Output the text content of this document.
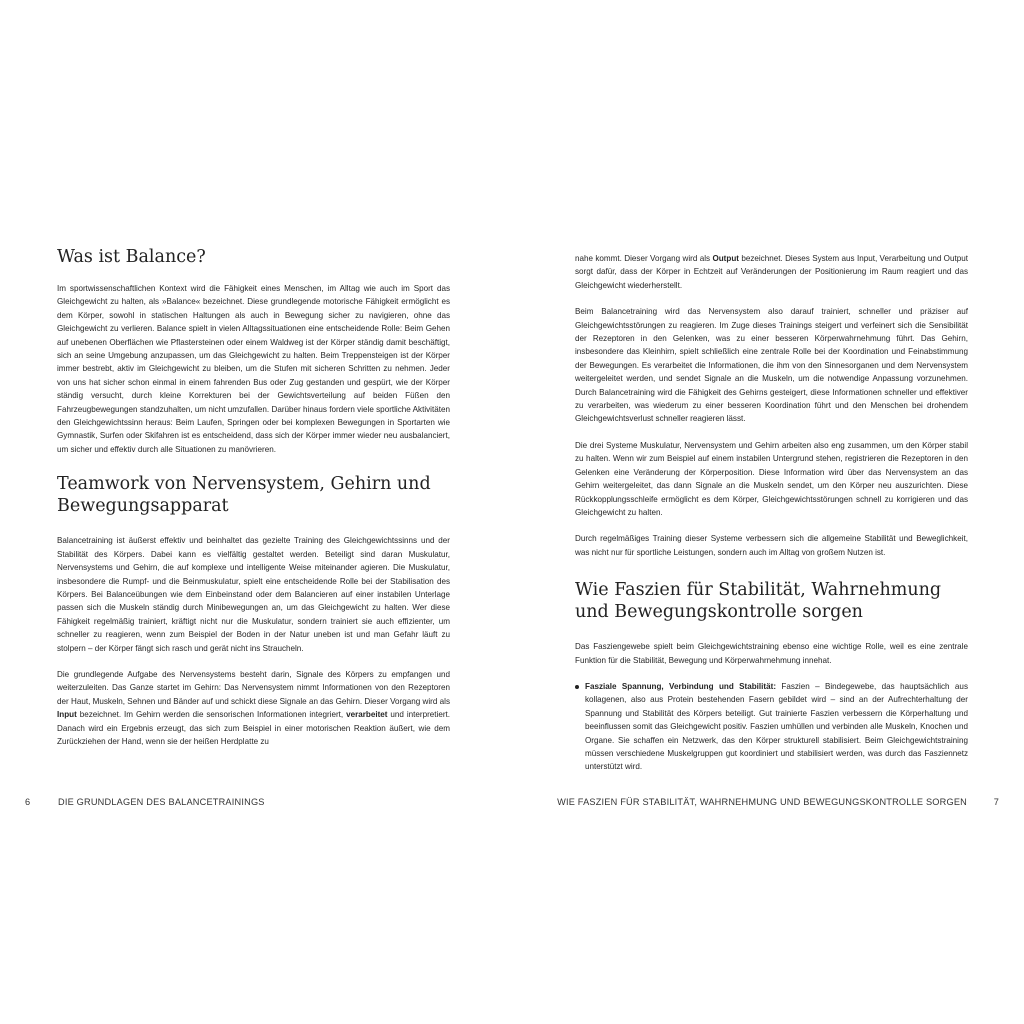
Was ist Balance?

Im sportwissenschaftlichen Kontext wird die Fähigkeit eines Menschen, im Alltag wie auch im Sport das Gleichgewicht zu halten, als »Balance« bezeichnet. Diese grundlegende motorische Fähigkeit ermöglicht es dem Körper, sowohl in statischen Haltungen als auch in Bewegung sicher zu navigieren, ohne das Gleichgewicht zu verlieren. Balance spielt in vielen Alltagssituationen eine entscheidende Rolle: Beim Gehen auf unebenen Oberflächen wie Pflastersteinen oder einem Waldweg ist der Körper ständig damit beschäftigt, sich an seine Umgebung anzupassen, um das Gleichgewicht zu halten. Beim Treppensteigen ist der Körper immer bestrebt, aktiv im Gleichgewicht zu bleiben, um die Stufen mit sicheren Schritten zu nehmen. Jeder von uns hat sicher schon einmal in einem fahrenden Bus oder Zug gestanden und gespürt, wie der Körper ständig versucht, durch kleine Korrekturen bei der Gewichtsverteilung auf beiden Füßen den Fahrzeugbewegungen standzuhalten, um nicht umzufallen. Darüber hinaus fordern viele sportliche Aktivitäten den Gleichgewichtssinn heraus: Beim Laufen, Springen oder bei komplexen Bewegungen in Sportarten wie Gymnastik, Surfen oder Skifahren ist es entscheidend, dass sich der Körper immer wieder neu ausbalanciert, um sicher und effektiv durch alle Situationen zu manövrieren.

Teamwork von Nervensystem, Gehirn und Bewegungsapparat

Balancetraining ist äußerst effektiv und beinhaltet das gezielte Training des Gleichgewichtssinns und der Stabilität des Körpers. Dabei kann es vielfältig gestaltet werden. Beteiligt sind daran Muskulatur, Nervensystems und Gehirn, die auf komplexe und intelligente Weise miteinander agieren. Die Muskulatur, insbesondere die Rumpf- und die Beinmuskulatur, spielt eine entscheidende Rolle bei der Stabilisation des Körpers. Bei Balanceübungen wie dem Einbeinstand oder dem Balancieren auf einer instabilen Unterlage passen sich die Muskeln ständig durch Minibewegungen an, um das Gleichgewicht zu halten. Wer diese Fähigkeit regelmäßig trainiert, kräftigt nicht nur die Muskulatur, sondern trainiert sie auch effizienter, um schneller zu reagieren, wenn zum Beispiel der Boden in der Natur uneben ist und man Gefahr läuft zu stolpern – der Körper fängt sich rasch und gerät nicht ins Straucheln.

Die grundlegende Aufgabe des Nervensystems besteht darin, Signale des Körpers zu empfangen und weiterzuleiten. Das Ganze startet im Gehirn: Das Nervensystem nimmt Informationen von den Rezeptoren der Haut, Muskeln, Sehnen und Bänder auf und schickt diese Signale an das Gehirn. Dieser Vorgang wird als Input bezeichnet. Im Gehirn werden die sensorischen Informationen integriert, verarbeitet und interpretiert. Danach wird ein Ergebnis erzeugt, das sich zum Beispiel in einer motorischen Reaktion äußert, wie dem Zurückziehen der Hand, wenn sie der heißen Herdplatte zu

nahe kommt. Dieser Vorgang wird als Output bezeichnet. Dieses System aus Input, Verarbeitung und Output sorgt dafür, dass der Körper in Echtzeit auf Veränderungen der Positionierung im Raum reagiert und das Gleichgewicht wiederherstellt.

Beim Balancetraining wird das Nervensystem also darauf trainiert, schneller und präziser auf Gleichgewichtsstörungen zu reagieren. Im Zuge dieses Trainings steigert und verfeinert sich die Sensibilität der Rezeptoren in den Gelenken, was zu einer besseren Körperwahrnehmung führt. Das Gehirn, insbesondere das Kleinhirn, spielt schließlich eine zentrale Rolle bei der Koordination und Feinabstimmung der Bewegungen. Es verarbeitet die Informationen, die ihm von den Sinnesorganen und dem Nervensystem weitergeleitet werden, und sendet Signale an die Muskeln, um die notwendige Anpassung vorzunehmen. Durch Balancetraining wird die Fähigkeit des Gehirns gesteigert, diese Informationen schneller und effektiver zu verarbeiten, was wiederum zu einer besseren Koordination führt und den Menschen bei drohendem Gleichgewichtsverlust schneller reagieren lässt.

Die drei Systeme Muskulatur, Nervensystem und Gehirn arbeiten also eng zusammen, um den Körper stabil zu halten. Wenn wir zum Beispiel auf einem instabilen Untergrund stehen, registrieren die Rezeptoren in den Gelenken eine Veränderung der Körperposition. Diese Information wird über das Nervensystem an das Gehirn weitergeleitet, das dann Signale an die Muskeln sendet, um den Körper neu auszurichten. Diese Rückkopplungsschleife ermöglicht es dem Körper, Gleichgewichtsstörungen schnell zu korrigieren und das Gleichgewicht zu halten.

Durch regelmäßiges Training dieser Systeme verbessern sich die allgemeine Stabilität und Beweglichkeit, was nicht nur für sportliche Leistungen, sondern auch im Alltag von großem Nutzen ist.

Wie Faszien für Stabilität, Wahrnehmung und Bewegungskontrolle sorgen

Das Fasziengewebe spielt beim Gleichgewichtstraining ebenso eine wichtige Rolle, weil es eine zentrale Funktion für die Stabilität, Bewegung und Körperwahrnehmung innehat.

Fasziale Spannung, Verbindung und Stabilität: Faszien – Bindegewebe, das hauptsächlich aus kollagenen, also aus Protein bestehenden Fasern gebildet wird – sind an der Aufrechterhaltung der Spannung und Stabilität des Körpers beteiligt. Gut trainierte Faszien verbessern die Körperhaltung und beeinflussen somit das Gleichgewicht positiv. Faszien umhüllen und verbinden alle Muskeln, Knochen und Organe. Sie schaffen ein Netzwerk, das den Körper strukturell stabilisiert. Beim Gleichgewichtstraining müssen verschiedene Muskelgruppen gut koordiniert und stabilisiert werden, was durch das Fasziennetz unterstützt wird.

6	DIE GRUNDLAGEN DES BALANCETRAININGS	WIE FASZIEN FÜR STABILITÄT, WAHRNEHMUNG UND BEWEGUNGSKONTROLLE SORGEN	7
